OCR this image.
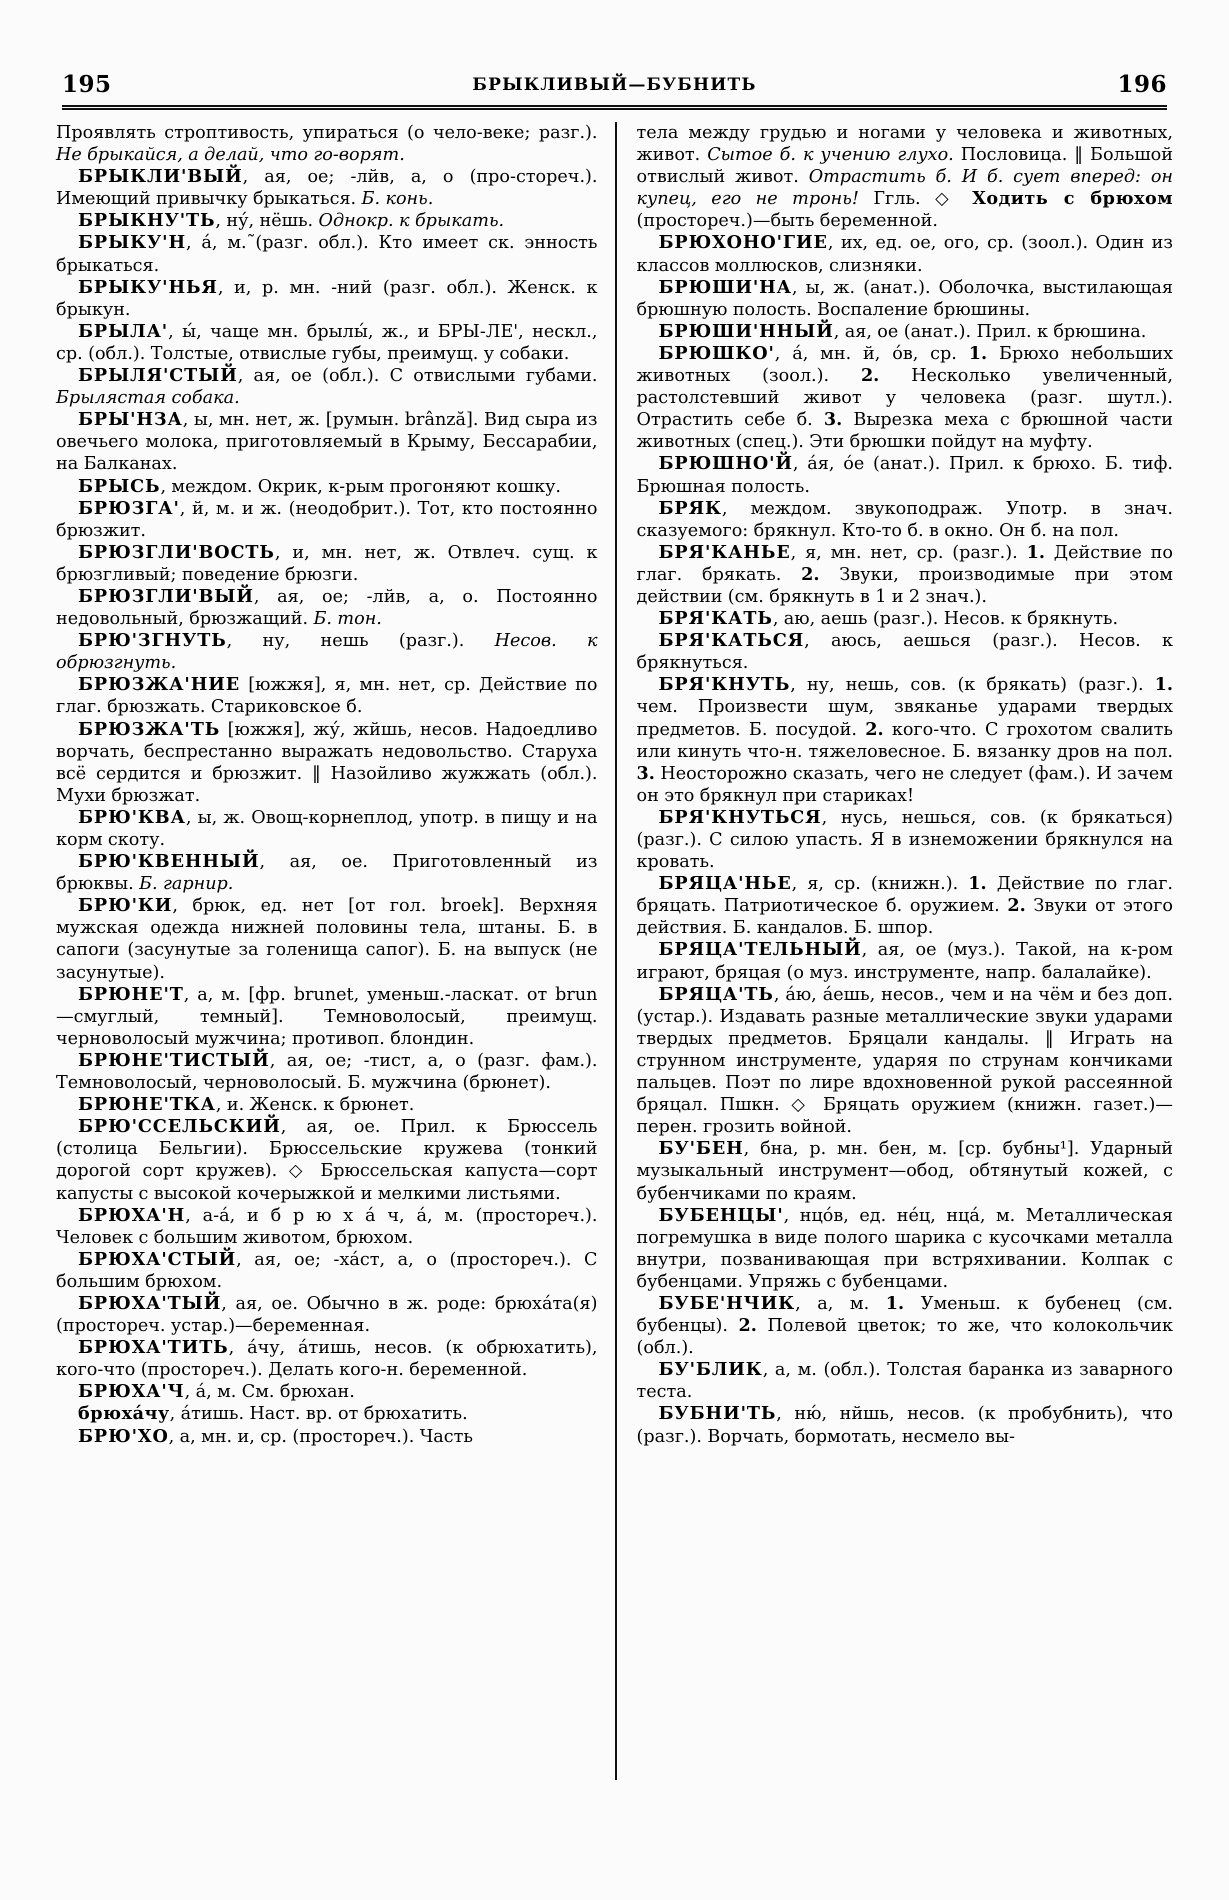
195	БРЫКЛИВЫЙ—БУБНИТЬ	196

Проявлять строптивость, упираться (о чело-веке; разг.). Не брыкайся, а делай, что го-ворят.

БРЫКЛИ'ВЫЙ, ая, ое; -лйв, а, о (про-стореч.). Имеющий привычку брыкаться. Б. конь.

БРЫКНУ'ТЬ, ну́, нёшь. Однокр. к брыкать.

БРЫКУ'Н, á, м.˜(разг. обл.). Кто имеет ск. эннocть брыкаться.

БРЫКУ'НЬЯ, и, р. мн. -ний (разг. обл.). Женск. к брыкун.

БРЫЛА', ы́, чаще мн. брылы́, ж., и БРЫ-ЛЕ', нескл., ср. (обл.). Толстые, отвислые губы, преимущ. у собаки.

БРЫЛЯ'СТЫЙ, ая, ое (обл.). С отвислыми губами. Брылястая собака.

БРЫ'НЗА, ы, мн. нет, ж. [румын. brânză]. Вид сыра из овечьего молока, приготовляемый в Крыму, Бессарабии, на Балканах.

БРЫСЬ, междом. Окрик, к-рым прогоняют кошку.

БРЮЗГА', й, м. и ж. (неодобрит.). Тот, кто постоянно брюзжит.

БРЮЗГЛИ'ВОСТЬ, и, мн. нет, ж. Отвлеч. сущ. к брюзгливый; поведение брюзги.

БРЮЗГЛИ'ВЫЙ, ая, ое; -лйв, а, о. Постоянно недовольный, брюзжащий. Б. тон.

БРЮ'ЗГНУТЬ, ну, нешь (разг.). Несов. к обрюзгнуть.

БРЮЗЖА'НИЕ [южжя], я, мн. нет, ср. Действие по глаг. брюзжать. Стариковское б.

БРЮЗЖА'ТЬ [южжя], жу́, жйшь, несов. Надоедливо ворчать, беспрестанно выражать недовольство. Старуха всё сердится и брюзжит. ‖ Назойливо жужжать (обл.). Мухи брюзжат.

БРЮ'КВА, ы, ж. Овощ-корнеплод, употр. в пищу и на корм скоту.

БРЮ'КВЕННЫЙ, ая, ое. Приготовленный из брюквы. Б. гарнир.

БРЮ'КИ, брюк, ед. нет [от гол. broek]. Верхняя мужская одежда нижней половины тела, штаны. Б. в сапоги (засунутые за голенища сапог). Б. на выпуск (не засунутые).

БРЮНЕ'Т, а, м. [фр. brunet, уменьш.-ласкат. от brun—смуглый, темный]. Темноволосый, преимущ. черноволосый мужчина; противоп. блондин.

БРЮНЕ'ТИСТЫЙ, ая, ое; -тист, а, о (разг. фам.). Темноволосый, черноволосый. Б. мужчина (брюнет).

БРЮНЕ'ТКА, и. Женск. к брюнет.

БРЮ'ССЕЛЬСКИЙ, ая, ое. Прил. к Брюссель (столица Бельгии). Брюссельские кружева (тонкий дорогой сорт кружев). ◇ Брюссельская капуста—сорт капусты с высокой кочерыжкой и мелкими листьями.

БРЮХА'Н, а-á, и б р ю х á ч, á, м. (простореч.). Человек с большим животом, брюхом.

БРЮХА'СТЫЙ, ая, ое; -хáст, а, о (простореч.). С большим брюхом.

БРЮХА'ТЫЙ, ая, ое. Обычно в ж. роде: брюхáта(я) (простореч. устар.)—беременная.

БРЮХА'ТИТЬ, áчу, áтишь, несов. (к обрюхатить), кого-что (простореч.). Делать кого-н. беременной.

БРЮХА'Ч, á, м. См. брюхан.

брюхáчу, áтишь. Наст. вр. от брюхатить.

БРЮ'ХО, а, мн. и, ср. (простореч.). Часть

тела между грудью и ногами у человека и животных, живот. Сытое б. к учению глухо. Пословица. ‖ Большой отвислый живот. Отрастить б. И б. сует вперед: он купец, его не тронь! Ггль. ◇ Ходить с брюхом (простореч.)—быть беременной.

БРЮХОНО'ГИЕ, их, ед. ое, ого, ср. (зоол.). Один из классов моллюсков, слизняки.

БРЮШИ'НА, ы, ж. (анат.). Оболочка, выстилающая брюшную полость. Воспаление брюшины.

БРЮШИ'ННЫЙ, ая, ое (анат.). Прил. к брюшина.

БРЮШКО', á, мн. й, óв, ср. 1. Брюхо небольших животных (зоол.). 2. Несколько увеличенный, растолстевший живот у человека (разг. шутл.). Отрастить себе б. 3. Вырезка меха с брюшной части животных (спец.). Эти брюшки пойдут на муфту.

БРЮШНО'Й, áя, óе (анат.). Прил. к брюхо. Б. тиф. Брюшная полость.

БРЯК, междом. звукоподраж. Употр. в знач. сказуемого: брякнул. Кто-то б. в окно. Он б. на пол.

БРЯ'КАНЬЕ, я, мн. нет, ср. (разг.). 1. Действие по глаг. брякать. 2. Звуки, производимые при этом действии (см. брякнуть в 1 и 2 знач.).

БРЯ'КАТЬ, аю, аешь (разг.). Несов. к брякнуть.

БРЯ'КАТЬСЯ, аюсь, аешься (разг.). Несов. к брякнуться.

БРЯ'КНУТЬ, ну, нешь, сов. (к брякать) (разг.). 1. чем. Произвести шум, звяканье ударами твердых предметов. Б. посудой. 2. кого-что. С грохотом свалить или кинуть что-н. тяжеловесное. Б. вязанку дров на пол. 3. Неосторожно сказать, чего не следует (фам.). И зачем он это брякнул при стариках!

БРЯ'КНУТЬСЯ, нусь, нешься, сов. (к брякаться) (разг.). С силою упасть. Я в изнеможении брякнулся на кровать.

БРЯЦА'НЬЕ, я, ср. (книжн.). 1. Действие по глаг. бряцать. Патриотическое б. оружием. 2. Звуки от этого действия. Б. кандалов. Б. шпор.

БРЯЦА'ТЕЛЬНЫЙ, ая, ое (муз.). Такой, на к-ром играют, бряцая (о муз. инструменте, напр. балалайке).

БРЯЦА'ТЬ, áю, áешь, несов., чем и на чём и без доп. (устар.). Издавать разные металлические звуки ударами твердых предметов. Бряцали кандалы. ‖ Играть на струнном инструменте, ударяя по струнам кончиками пальцев. Поэт по лире вдохновенной рукой рассеянной бряцал. Пшкн. ◇ Бряцать оружием (книжн. газет.)—перен. грозить войной.

БУ'БЕН, бна, р. мн. бен, м. [ср. бубны¹]. Ударный музыкальный инструмент—обод, обтянутый кожей, с бубенчиками по краям.

БУБЕНЦЫ', нцóв, ед. нéц, нцá, м. Металлическая погремушка в виде полого шарика с кусочками металла внутри, позванивающая при встряхивании. Колпак с бубенцами. Упряжь с бубенцами.

БУБЕ'НЧИК, а, м. 1. Уменьш. к бубенец (см. бубенцы). 2. Полевой цветок; то же, что колокольчик (обл.).

БУ'БЛИК, а, м. (обл.). Толстая баранка из заварного теста.

БУБНИ'ТЬ, ню́, нйшь, несов. (к пробубнить), что (разг.). Ворчать, бормотать, несмело вы-
